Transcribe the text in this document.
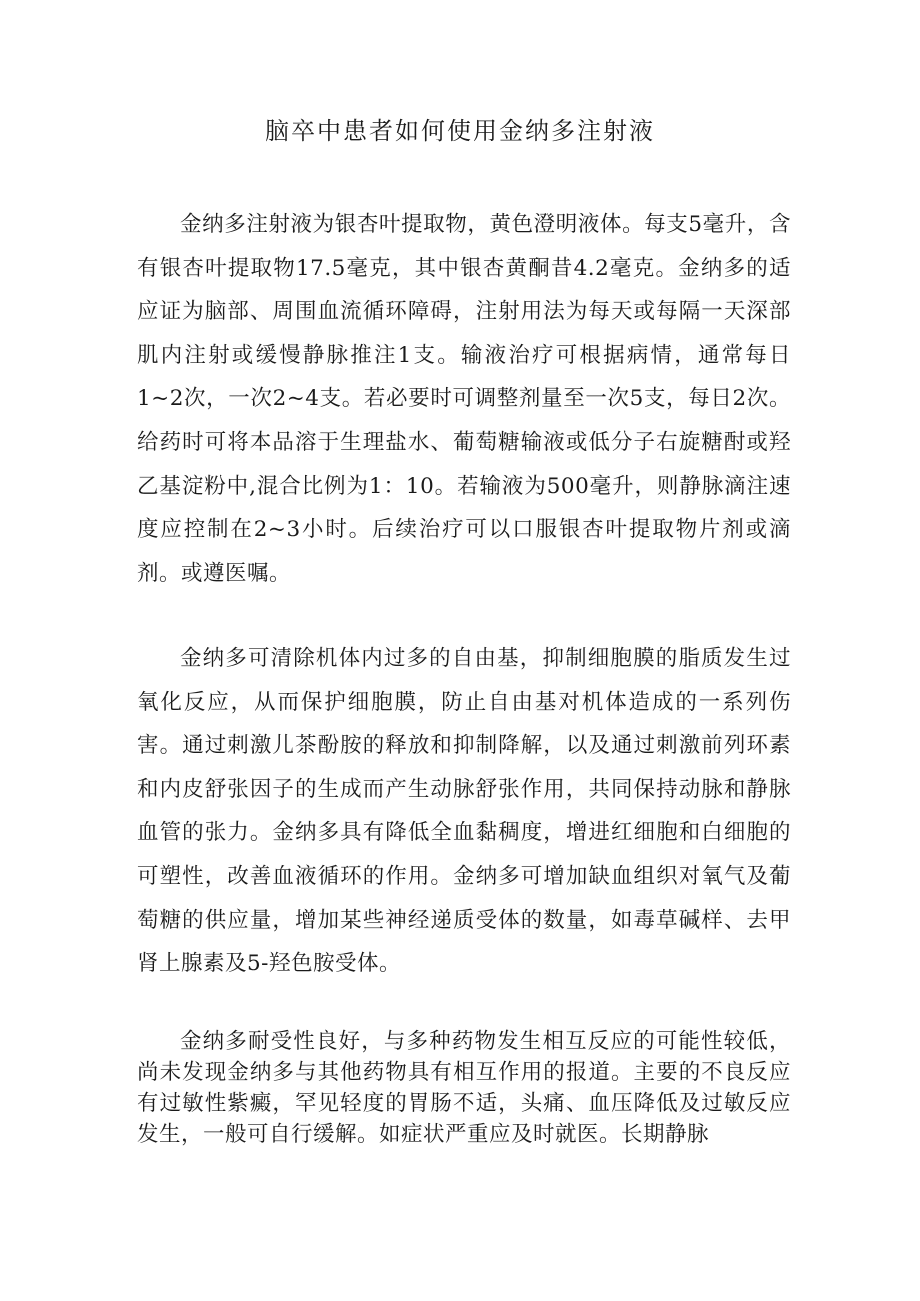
脑卒中患者如何使用金纳多注射液

金纳多注射液为银杏叶提取物，黄色澄明液体。每支5毫升，含有银杏叶提取物17.5毫克，其中银杏黄酮昔4.2毫克。金纳多的适应证为脑部、周围血流循环障碍，注射用法为每天或每隔一天深部肌内注射或缓慢静脉推注1支。输液治疗可根据病情，通常每日1~2次，一次2~4支。若必要时可调整剂量至一次5支，每日2次。给药时可将本品溶于生理盐水、葡萄糖输液或低分子右旋糖酎或羟乙基淀粉中,混合比例为1：10。若输液为500毫升，则静脉滴注速度应控制在2~3小时。后续治疗可以口服银杏叶提取物片剂或滴剂。或遵医嘱。

金纳多可清除机体内过多的自由基，抑制细胞膜的脂质发生过氧化反应，从而保护细胞膜，防止自由基对机体造成的一系列伤害。通过刺激儿茶酚胺的释放和抑制降解，以及通过刺激前列环素和内皮舒张因子的生成而产生动脉舒张作用，共同保持动脉和静脉血管的张力。金纳多具有降低全血黏稠度，增进红细胞和白细胞的可塑性，改善血液循环的作用。金纳多可增加缺血组织对氧气及葡萄糖的供应量，增加某些神经递质受体的数量，如毒草碱样、去甲肾上腺素及5-羟色胺受体。

金纳多耐受性良好，与多种药物发生相互反应的可能性较低，尚未发现金纳多与其他药物具有相互作用的报道。主要的不良反应有过敏性紫癜，罕见轻度的胃肠不适，头痛、血压降低及过敏反应发生，一般可自行缓解。如症状严重应及时就医。长期静脉
